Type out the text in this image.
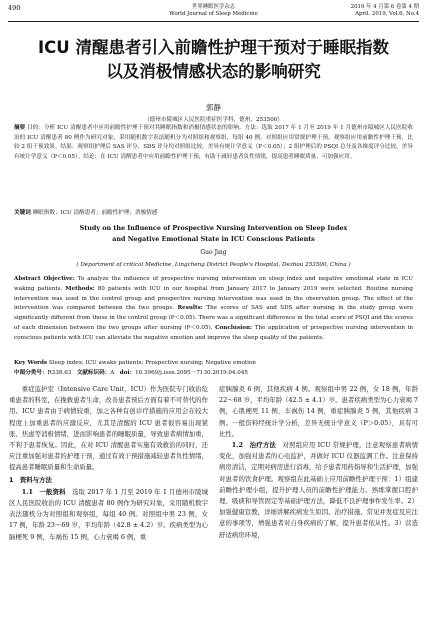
490	世界睡眠医学杂志
World Journal of Sleep Medicine
2019 年 4 月第 6 卷第 4 期
April. 2019, Vol.6, No.4
ICU 清醒患者引入前瞻性护理干预对于睡眠指数
以及消极情感状态的影响研究
郭静
（德州市陵城区人民医院重症医学科，德州，253500）
摘要 目的：分析 ICU 清醒患者中应用前瞻性护理干预对其睡眠指数和消极情感状态的影响。方法：选取 2017 年 1 月至 2019 年 1 月德州市陵城区人民医院收治的 ICU 清醒患者 80 例作为研究对象，采用随机数字表法随机分为对照组和观察组，每组 40 例。对照组应用常规护理干预，观察组应用前瞻性护理干预，比较 2 组干预效果。结果：观察组护理后 SAS 评分、SDS 评分均对照组比较，差异有统计学意义（P＜0.05）；2 组护理后的 PSQI 总分及各维度评分比较，差异有统计学意义（P＜0.05）。结论：在 ICU 清醒患者中应用前瞻性护理干预，有助于减轻患者负性情绪，提高患者睡眠质量，可加强应用。
关键词 睡眠指数；ICU 清醒患者；前瞻性护理；消极情感
Study on the Influence of Prospective Nursing Intervention on Sleep Index
and Negative Emotional State in ICU Conscious Patients
Guo Jing
( Department of critical Medicine, Lingcheng District People's Hospital, Dezhou 253500, China )
Abstract Objective: To analyze the influence of prospective nursing intervention on sleep index and negative emotional state in ICU waking patients. Methods: 80 patients with ICU in our hospital from January 2017 to January 2019 were selected. Routine nursing intervention was used in the control group and prospective nursing intervention was used in the observation group. The effect of the intervention was compared between the two groups. Results: The scores of SAS and SDS after nursing in the study group were significantly different from those in the control group (P＜0.05). There was a significant difference in the total score of PSQI and the scores of each dimension between the two groups after nursing (P＜0.05). Conclusion: The application of prospective nursing intervention in conscious patients with ICU can alleviate the negative emotion and improve the sleep quality of the patients.
Key Words Sleep index; ICU awake patients; Prospective nursing; Negative emotion
中图分类号：R338.63 文献标识码：A doi：10.3969/j.issn.2095－7130.2019.04.045

重症监护室（Intensive Care Unit，ICU）作为医院专门收治危重患者的科室，在挽救患者生命，改善患者预后方面有着不可替代的作用。ICU 患者由于病情较重，加之各种有创诊疗措施的应用会在较大程度上加重患者的应激反应，尤其是清醒的 ICU 患者很容易出现紧张、焦虑等消极情绪，进而影响患者的睡眠质量，导致患者病情加重，不利于患者恢复。因此，在对 ICU 清醒患者实施有效救治的同时，还应注重加强对患者的护理干预，通过有效干预措施减轻患者负性情绪，提高患者睡眠质量和生命质量。

1　资料与方法

1.1　一般资料　 选取 2017 年 1 月至 2019 年 1 月德州市陵城区人民医院收治的 ICU 清醒患者 80 例作为研究对象，采用随机数字表法随机分为对照组和观察组，每组 40 例。对照组中男 23 例，女 17 例，年龄 23～69 岁，平均年龄（42.8 ± 4.2）岁。疾病类型为心脑梗死 9 例，车祸伤 15 例，心力衰竭 6 例，重

症胰腺炎 6 例，其他疾病 4 例。观察组中男 22 例，女 18 例，年龄 22～68 岁，平均年龄（42.5 ± 4.1）岁。患者疾病类型为心力衰竭 7 例，心肌梗死 11 例，车祸伤 14 例，重症胰腺炎 5 例，其他疾病 3 例。一般资料经统计学分析，差异无统计学意义（P＞0.05），具有可比性。

1.2　治疗方法　 对照组应用 ICU 常规护理，注意观察患者病情变化，加强对患者的心电监护，并做好 ICU 仪器监测工作。注意保持病房清洁，定期对病房进行消毒，给予患者用药指导和生活护理，加强对患者的饮食护理。观察组在此基础上应用前瞻性护理干预：1）组建前瞻性护理小组，提升护理人员的前瞻性护理能力。熟练掌握口腔护理、吸痰和导管固定等基础护理方法，降低不良护理事件发生率。2）加强健康宣教，详细讲解疾病发生原因、治疗措施、常见并发症及应注意的事项等，增强患者对自身疾病的了解，提升患者依从性。3）营造舒适病房环境，
